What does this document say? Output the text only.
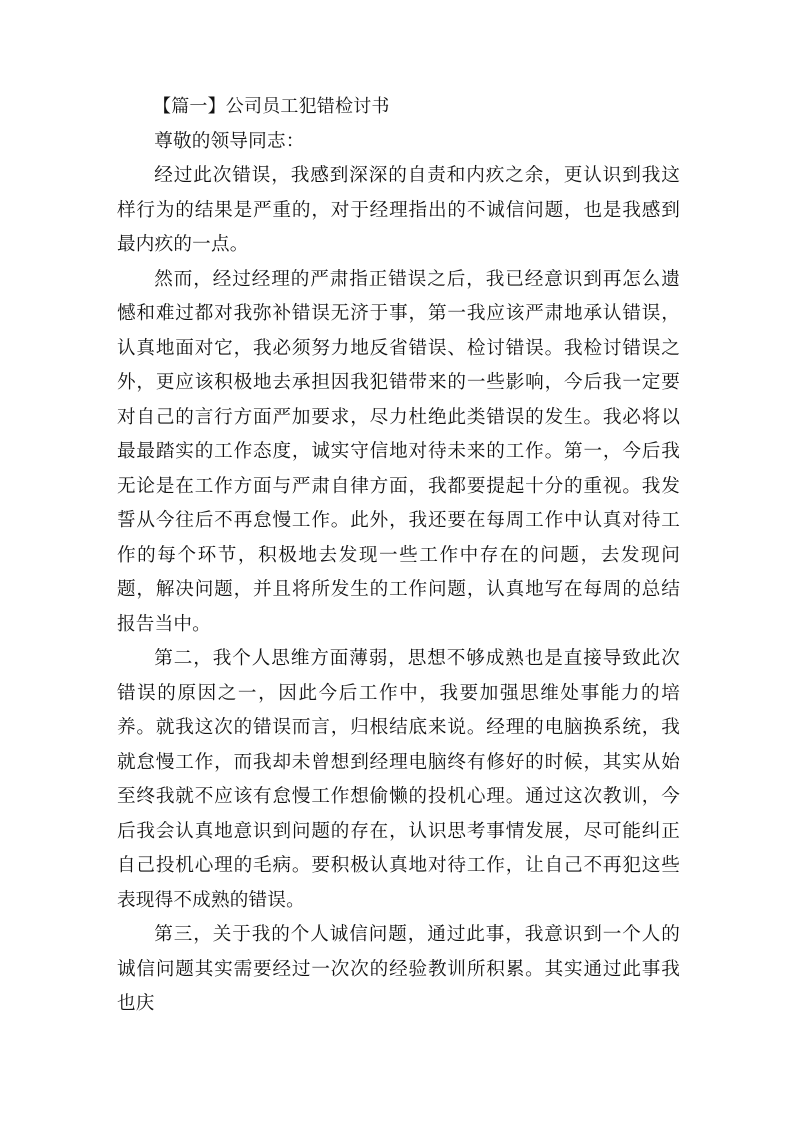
【篇一】公司员工犯错检讨书

尊敬的领导同志：

经过此次错误，我感到深深的自责和内疚之余，更认识到我这样行为的结果是严重的，对于经理指出的不诚信问题，也是我感到最内疚的一点。

然而，经过经理的严肃指正错误之后，我已经意识到再怎么遗憾和难过都对我弥补错误无济于事，第一我应该严肃地承认错误，认真地面对它，我必须努力地反省错误、检讨错误。我检讨错误之外，更应该积极地去承担因我犯错带来的一些影响，今后我一定要对自己的言行方面严加要求，尽力杜绝此类错误的发生。我必将以最最踏实的工作态度，诚实守信地对待未来的工作。第一，今后我无论是在工作方面与严肃自律方面，我都要提起十分的重视。我发誓从今往后不再怠慢工作。此外，我还要在每周工作中认真对待工作的每个环节，积极地去发现一些工作中存在的问题，去发现问题，解决问题，并且将所发生的工作问题，认真地写在每周的总结报告当中。

第二，我个人思维方面薄弱，思想不够成熟也是直接导致此次错误的原因之一，因此今后工作中，我要加强思维处事能力的培养。就我这次的错误而言，归根结底来说。经理的电脑换系统，我就怠慢工作，而我却未曾想到经理电脑终有修好的时候，其实从始至终我就不应该有怠慢工作想偷懒的投机心理。通过这次教训，今后我会认真地意识到问题的存在，认识思考事情发展，尽可能纠正自己投机心理的毛病。要积极认真地对待工作，让自己不再犯这些表现得不成熟的错误。

第三，关于我的个人诚信问题，通过此事，我意识到一个人的诚信问题其实需要经过一次次的经验教训所积累。其实通过此事我也庆
